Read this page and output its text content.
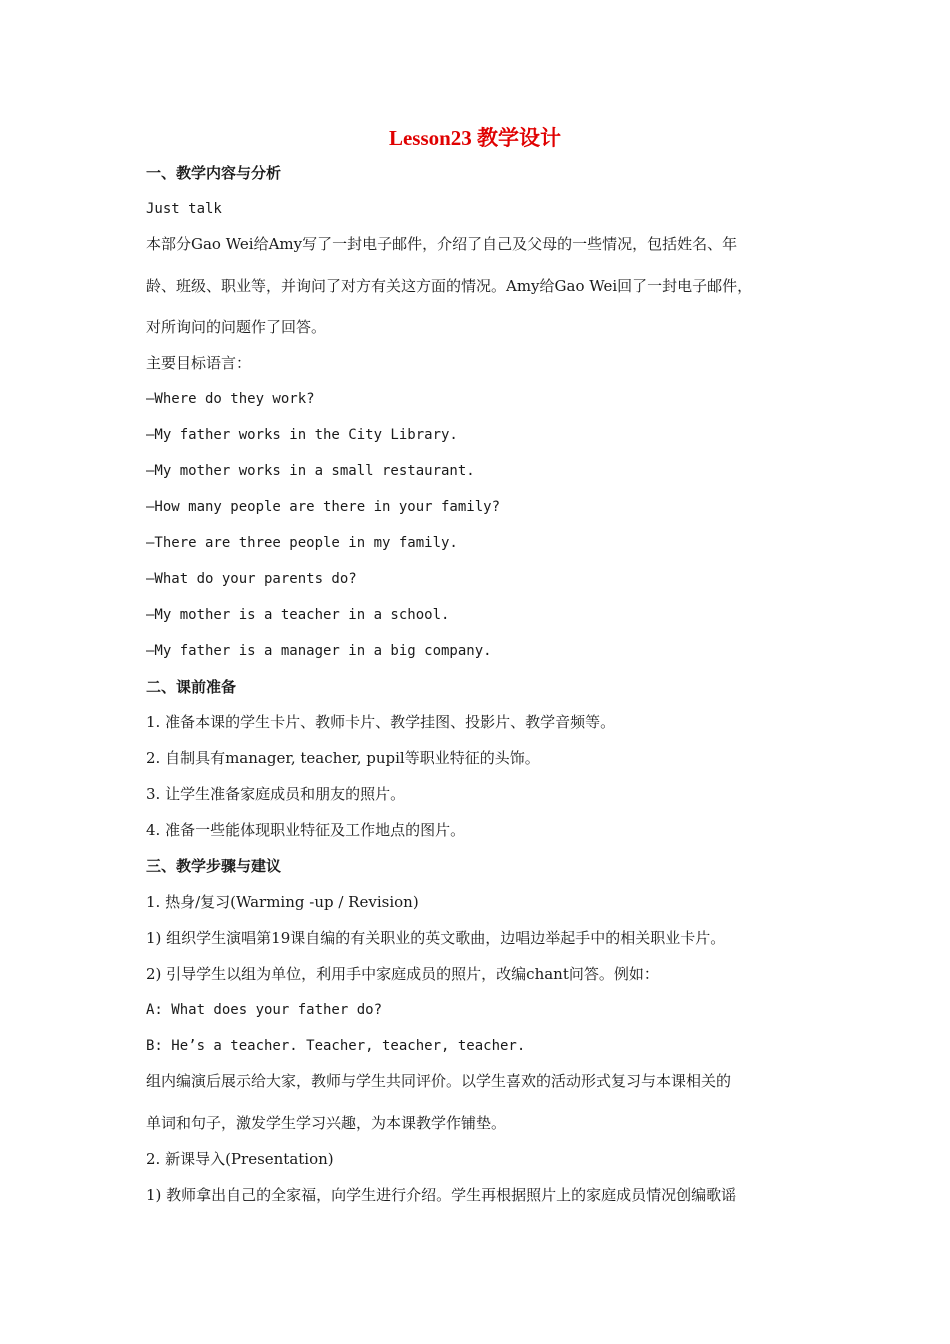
Lesson23 教学设计
一、教学内容与分析
Just talk
本部分Gao Wei给Amy写了一封电子邮件，介绍了自己及父母的一些情况，包括姓名、年
龄、班级、职业等，并询问了对方有关这方面的情况。Amy给Gao Wei回了一封电子邮件，
对所询问的问题作了回答。
主要目标语言：
—Where do they work?
—My father works in the City Library.
—My mother works in a small restaurant.
—How many people are there in your family?
—There are three people in my family.
—What do your parents do?
—My mother is a teacher in a school.
—My father is a manager in a big company.
二、课前准备
1. 准备本课的学生卡片、教师卡片、教学挂图、投影片、教学音频等。
2. 自制具有manager, teacher, pupil等职业特征的头饰。
3. 让学生准备家庭成员和朋友的照片。
4. 准备一些能体现职业特征及工作地点的图片。
三、教学步骤与建议
1. 热身/复习(Warming -up / Revision)
1) 组织学生演唱第19课自编的有关职业的英文歌曲，边唱边举起手中的相关职业卡片。
2) 引导学生以组为单位，利用手中家庭成员的照片，改编chant问答。例如：
A: What does your father do?
B: He’s a teacher. Teacher, teacher, teacher.
组内编演后展示给大家，教师与学生共同评价。以学生喜欢的活动形式复习与本课相关的
单词和句子，激发学生学习兴趣，为本课教学作铺垫。
2. 新课导入(Presentation)
1) 教师拿出自己的全家福，向学生进行介绍。学生再根据照片上的家庭成员情况创编歌谣
